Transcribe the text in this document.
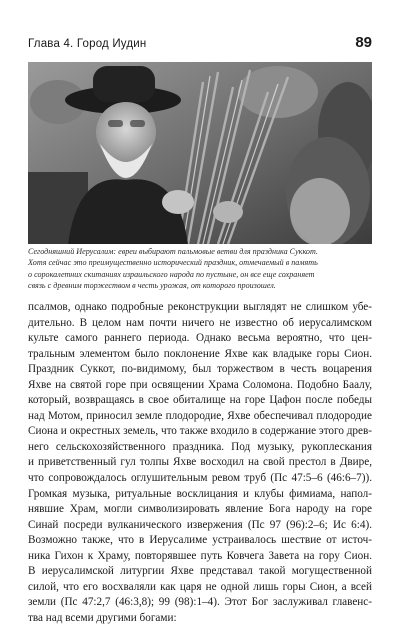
Глава 4. Город Иудин	89
Сегодняшний Иерусалим: евреи выбирают пальмовые ветви для праздника Суккот.
Хотя сейчас это преимущественно исторический праздник, отмечаемый в память
о сорокалетних скитаниях израильского народа по пустыне, он все еще сохраняет
связь с древним торжеством в честь урожая, от которого произошел.
псалмов, однако подробные реконструкции выглядят не слишком убе-
дительно. В целом нам почти ничего не известно об иерусалимском
культе самого раннего периода. Однако весьма вероятно, что цен-
тральным элементом было поклонение Яхве как владыке горы Сион.
Праздник Суккот, по-видимому, был торжеством в честь воцарения
Яхве на святой горе при освящении Храма Соломона. Подобно Баалу,
который, возвращаясь в свое обиталище на горе Цафон после победы
над Мотом, приносил земле плодородие, Яхве обеспечивал плодородие
Сиона и окрестных земель, что также входило в содержание этого древ-
него сельскохозяйственного праздника. Под музыку, рукоплескания
и приветственный гул толпы Яхве восходил на свой престол в Двире,
что сопровождалось оглушительным ревом труб (Пс 47:5–6 (46:6–7)).
Громкая музыка, ритуальные восклицания и клубы фимиама, напол-
нявшие Храм, могли символизировать явление Бога народу на горе
Синай посреди вулканического извержения (Пс 97 (96):2–6; Ис 6:4).
Возможно также, что в Иерусалиме устраивалось шествие от источ-
ника Гихон к Храму, повторявшее путь Ковчега Завета на гору Сион.
В иерусалимской литургии Яхве представал такой могущественной
силой, что его восхваляли как царя не одной лишь горы Сион, а всей
земли (Пс 47:2,7 (46:3,8); 99 (98):1–4). Этот Бог заслуживал главенс-
тва над всеми другими богами:
